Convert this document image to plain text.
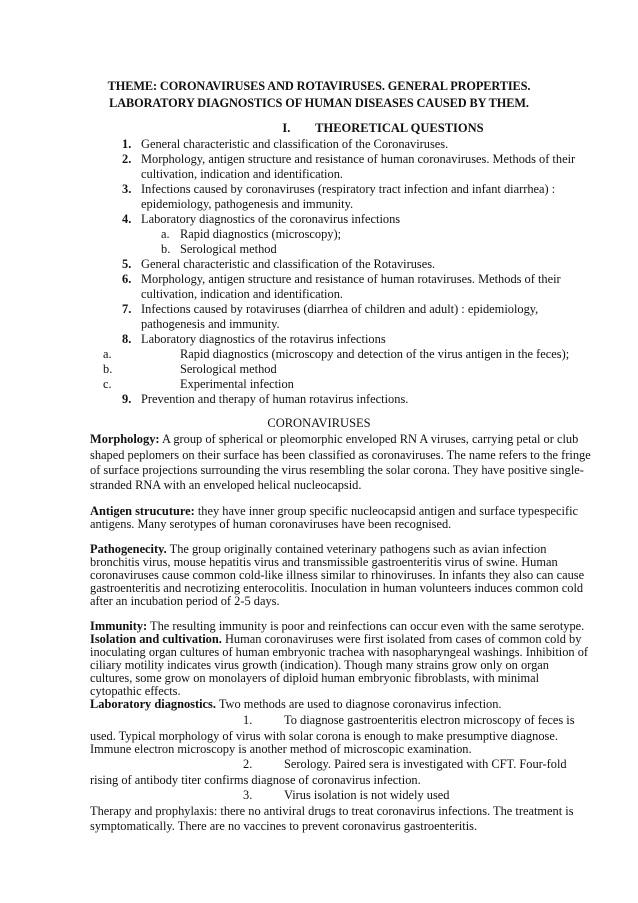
THEME: CORONAVIRUSES AND ROTAVIRUSES. GENERAL PROPERTIES.
LABORATORY DIAGNOSTICS OF HUMAN DISEASES CAUSED BY THEM.
I.        THEORETICAL QUESTIONS
1. General characteristic and classification of the Coronaviruses.
2. Morphology, antigen structure and resistance of human coronaviruses. Methods of their cultivation, indication and identification.
3. Infections caused by coronaviruses (respiratory tract infection and infant diarrhea) : epidemiology, pathogenesis and immunity.
4. Laboratory diagnostics of the coronavirus infections
a. Rapid diagnostics (microscopy);
b. Serological method
5. General characteristic and classification of the Rotaviruses.
6. Morphology, antigen structure and resistance of human rotaviruses. Methods of their cultivation, indication and identification.
7. Infections caused by rotaviruses (diarrhea of children and adult) : epidemiology, pathogenesis and immunity.
8. Laboratory diagnostics of the rotavirus infections
a.	Rapid diagnostics (microscopy and detection of the virus antigen in the feces);
b.	Serological method
c.	Experimental infection
9. Prevention and therapy of human rotavirus infections.
CORONAVIRUSES
Morphology: A group of spherical or pleomorphic enveloped RN A viruses, carrying petal or club
shaped peplomers on their surface has been classified as coronaviruses. The name refers to the fringe
of surface projections surrounding the virus resembling the solar corona. They have positive single-
stranded RNA with an enveloped helical nucleocapsid.
Antigen strucuture: they have inner group specific nucleocapsid antigen and surface typespecific
antigens. Many serotypes of human coronaviruses have been recognised.
Pathogenecity. The group originally contained veterinary pathogens such as avian infection
bronchitis virus, mouse hepatitis virus and transmissible gastroenteritis virus of swine. Human
coronaviruses cause common cold-like illness similar to rhinoviruses. In infants they also can cause
gastroenteritis and necrotizing enterocolitis. Inoculation in human volunteers induces common cold
after an incubation period of 2-5 days.
Immunity: The resulting immunity is poor and reinfections can occur even with the same serotype.
Isolation and cultivation. Human coronaviruses were first isolated from cases of common cold by
inoculating organ cultures of human embryonic trachea with nasopharyngeal washings. Inhibition of
ciliary motility indicates virus growth (indication). Though many strains grow only on organ
cultures, some grow on monolayers of diploid human embryonic fibroblasts, with minimal
cytopathic effects.
Laboratory diagnostics. Two methods are used to diagnose coronavirus infection.
1.	To diagnose gastroenteritis electron microscopy of feces is
used. Typical morphology of virus with solar corona is enough to make presumptive diagnose.
Immune electron microscopy is another method of microscopic examination.
2.	Serology. Paired sera is investigated with CFT. Four-fold
rising of antibody titer confirms diagnose of coronavirus infection.
3.	Virus isolation is not widely used
Therapy and prophylaxis: there no antiviral drugs to treat coronavirus infections. The treatment is
symptomatically. There are no vaccines to prevent coronavirus gastroenteritis.
